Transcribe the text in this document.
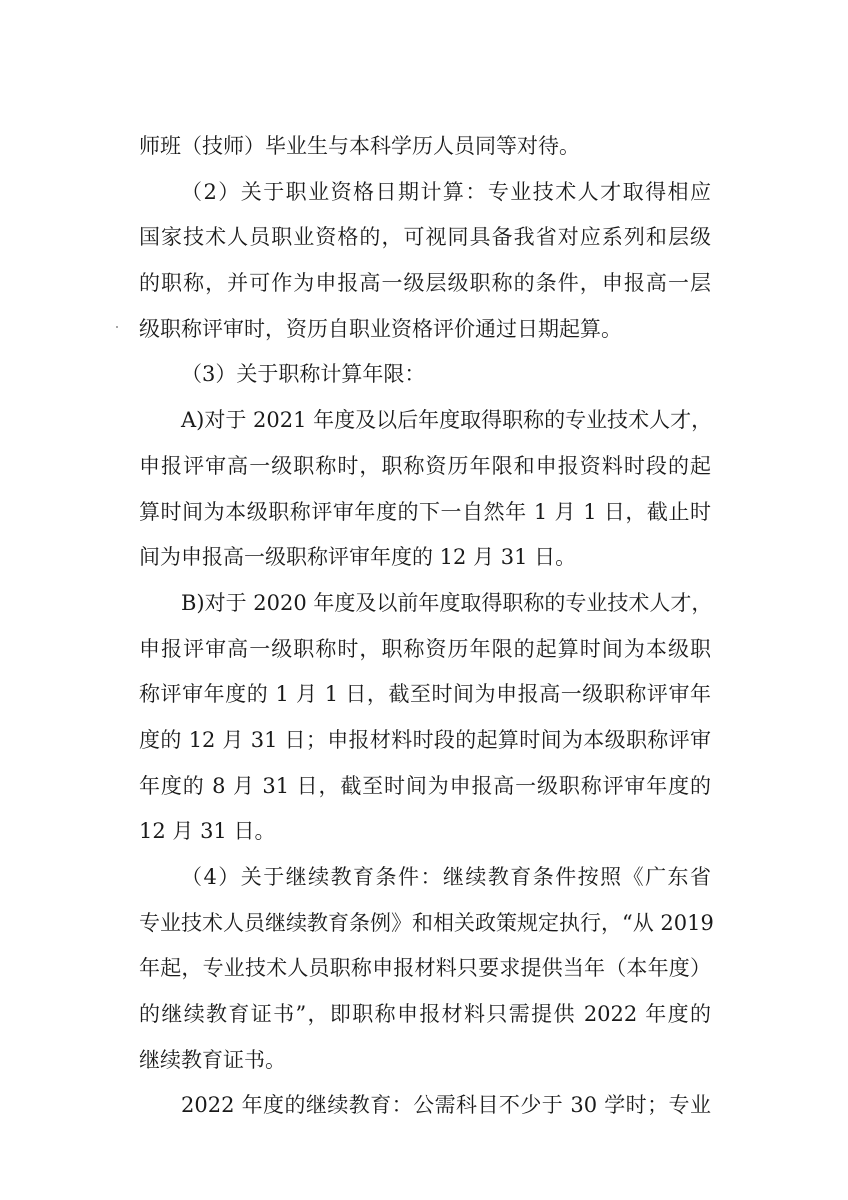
师班（技师）毕业生与本科学历人员同等对待。
（2）关于职业资格日期计算：专业技术人才取得相应
国家技术人员职业资格的，可视同具备我省对应系列和层级
的职称，并可作为申报高一级层级职称的条件，申报高一层
级职称评审时，资历自职业资格评价通过日期起算。
（3）关于职称计算年限：
A)对于 2021 年度及以后年度取得职称的专业技术人才，
申报评审高一级职称时，职称资历年限和申报资料时段的起
算时间为本级职称评审年度的下一自然年 1 月 1 日，截止时
间为申报高一级职称评审年度的 12 月 31 日。
B)对于 2020 年度及以前年度取得职称的专业技术人才，
申报评审高一级职称时，职称资历年限的起算时间为本级职
称评审年度的 1 月 1 日，截至时间为申报高一级职称评审年
度的 12 月 31 日；申报材料时段的起算时间为本级职称评审
年度的 8 月 31 日，截至时间为申报高一级职称评审年度的
12 月 31 日。
（4）关于继续教育条件：继续教育条件按照《广东省
专业技术人员继续教育条例》和相关政策规定执行，“从 2019
年起，专业技术人员职称申报材料只要求提供当年（本年度）
的继续教育证书”，即职称申报材料只需提供 2022 年度的
继续教育证书。
2022 年度的继续教育：公需科目不少于 30 学时；专业
